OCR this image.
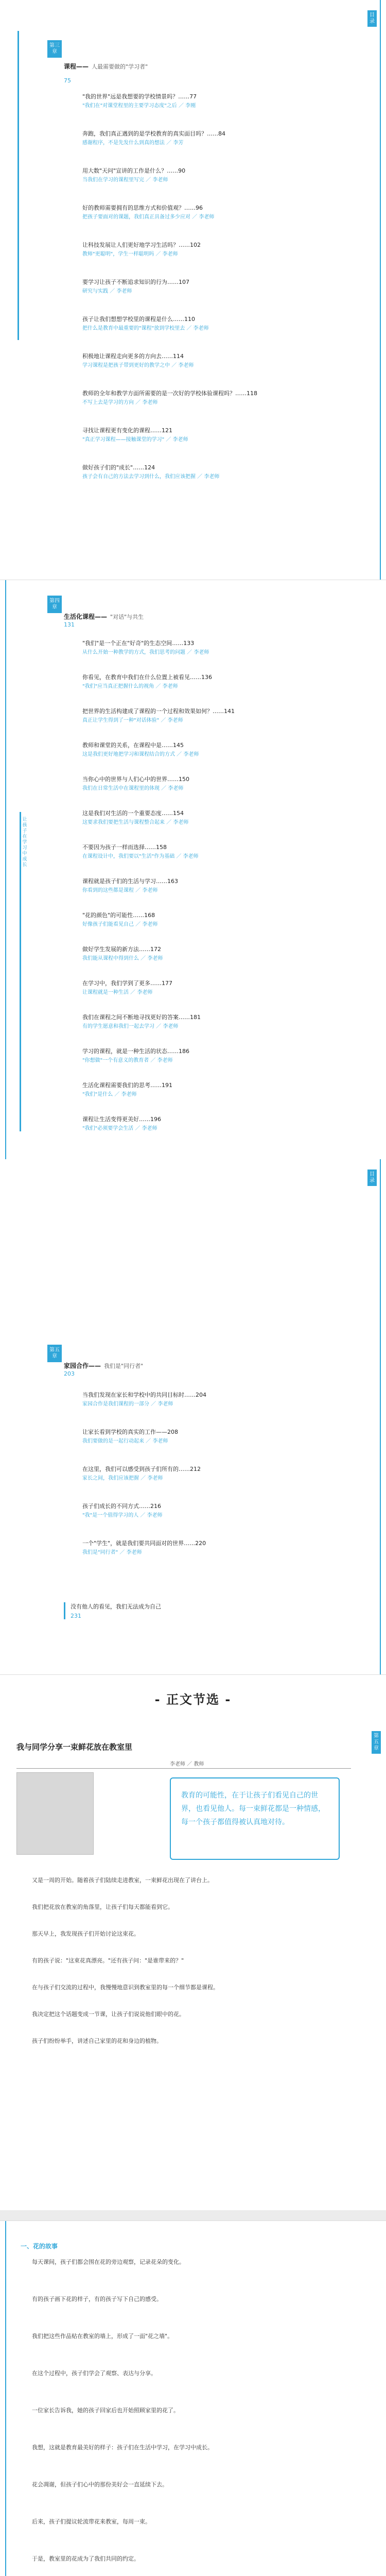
目录
第三章
75
课程—— 人最需要做的"学习者"
"我的世界"远是我想要的学校情景吗？……77
"我们在"对课堂程里的主要学习态度"之后 ／ 李刚
奔跑，我们真正遇到的是学校教育的真实面目吗？……84
感谢程序，不是先发什么到真的想法 ／ 李芳
用大数"天问"宣讲的工作是什么？……90
当我们在学习的课程里写完 ／ 李老师
好的教师需要拥有的思维方式和价值观？……96
把孩子要面对的课题，我们真正具备过多少应对 ／ 李老师
让科技发展让人们更好地学习生活吗？……102
教师"更聪明"，学生一样聪明吗 ／ 李老师
要学习让孩子不断追求知识的行为……107
研究与实践 ／ 李老师
孩子让我们想想学校里的课程是什么……110
把什么是教育中最重要的"课程"放到学校里去 ／ 李老师
积极地让课程走向更多的方向去……114
学习课程是把孩子带到更好的教学之中 ／ 李老师
教师的全年和教学方面所需要的是一次好的学校体验课程吗？……118
不写上去是学习的方向 ／ 李老师
寻找让课程更有变化的课程……121
"真正学习课程——接触课堂的学习" ／ 李老师
做好孩子们的"成长"……124
孩子会有自己的方法去学习到什么，我们应该把握 ／ 李老师
让孩子在学习中成长
第四章
生活化课程—— "对话"与共生
131
"我们"是一个正在"好奇"的生态空间……133
从什么开始一种教学的方式，我们思考的问题 ／ 李老师
你看见，在教育中我们在什么位置上被看见……136
"我们"应当真正把握什么的视角 ／ 李老师
把世界的生活构建成了课程的一个过程和效果如何？……141
真正让学生得到了一种"对话体验" ／ 李老师
教师和课堂的关系，在课程中是……145
这是我们更好地把学习和课程结合的方式 ／ 李老师
当你心中的世界与人们心中的世界……150
我们在日常生活中在课程里的体现 ／ 李老师
这是我们对生活的一个重要态度……154
这要求我们要把生活与课程整合起来 ／ 李老师
不要因为孩子一样而选择……158
在课程设计中，我们要以"生活"作为基础 ／ 李老师
课程就是孩子们的生活与学习……163
你看到的这些都是课程 ／ 李老师
"花的颜色"的可能性……168
好像孩子们能看见自己 ／ 李老师
做好学生发展的新方法……172
我们能从课程中得到什么 ／ 李老师
在学习中，我们学到了更多……177
让课程就是一种生活 ／ 李老师
我们在课程之间不断地寻找更好的答案……181
有的学生愿意和我们一起去学习 ／ 李老师
学习的课程，就是一种生活的状态……186
"你想做"一个有意义的教育者 ／ 李老师
生活化课程需要我们的思考……191
"我们"是什么 ／ 李老师
课程让生活变得更美好……196
"我们"必须要学会生活 ／ 李老师
目录
第五章
家园合作—— 我们是"同行者"
203
没有他人的看见，我们无法成为自己
231
当我们发现在家长和学校中的共同目标时……204
家园合作是我们课程的一部分 ／ 李老师
让家长看到学校的真实的工作——208
我们要做的是一起行动起来 ／ 李老师
在这里，我们可以感受到孩子们所有的……212
家长之间，我们应该把握 ／ 李老师
孩子们成长的不同方式……216
"我"是一个值得学习的人 ／ 李老师
一个"学生"，就是我们要共同面对的世界……220
我们是"同行者" ／ 李老师
- 正文节选 -
第五章
我与同学分享一束鲜花放在教室里
李老师 ／ 教师
教育的可能性，在于让孩子们看见自己的世界，也看见他人。每一束鲜花都是一种情感，每一个孩子都值得被认真地对待。
又是一周的开始。随着孩子们陆续走进教室，一束鲜花出现在了讲台上。
我们把花放在教室的角落里，让孩子们每天都能看到它。
那天早上，我发现孩子们开始讨论这束花。
有的孩子说："这束花真漂亮。"还有孩子问："是谁带来的？"
在与孩子们交流的过程中，我慢慢地意识到教室里的每一个细节都是课程。
我决定把这个话题变成一节课，让孩子们说说他们眼中的花。
孩子们纷纷举手，讲述自己家里的花和身边的植物。
一、花的故事
每天课间，孩子们都会围在花的旁边观察，记录花朵的变化。
有的孩子画下花的样子，有的孩子写下自己的感受。
我们把这些作品贴在教室的墙上，形成了一面"花之墙"。
在这个过程中，孩子们学会了观察、表达与分享。
一位家长告诉我，她的孩子回家后也开始照顾家里的花了。
我想，这就是教育最美好的样子：孩子们在生活中学习，在学习中成长。
花会凋谢，但孩子们心中的那份美好会一直延续下去。
后来，孩子们提议轮流带花来教室，每周一束。
于是，教室里的花成为了我们共同的约定。
